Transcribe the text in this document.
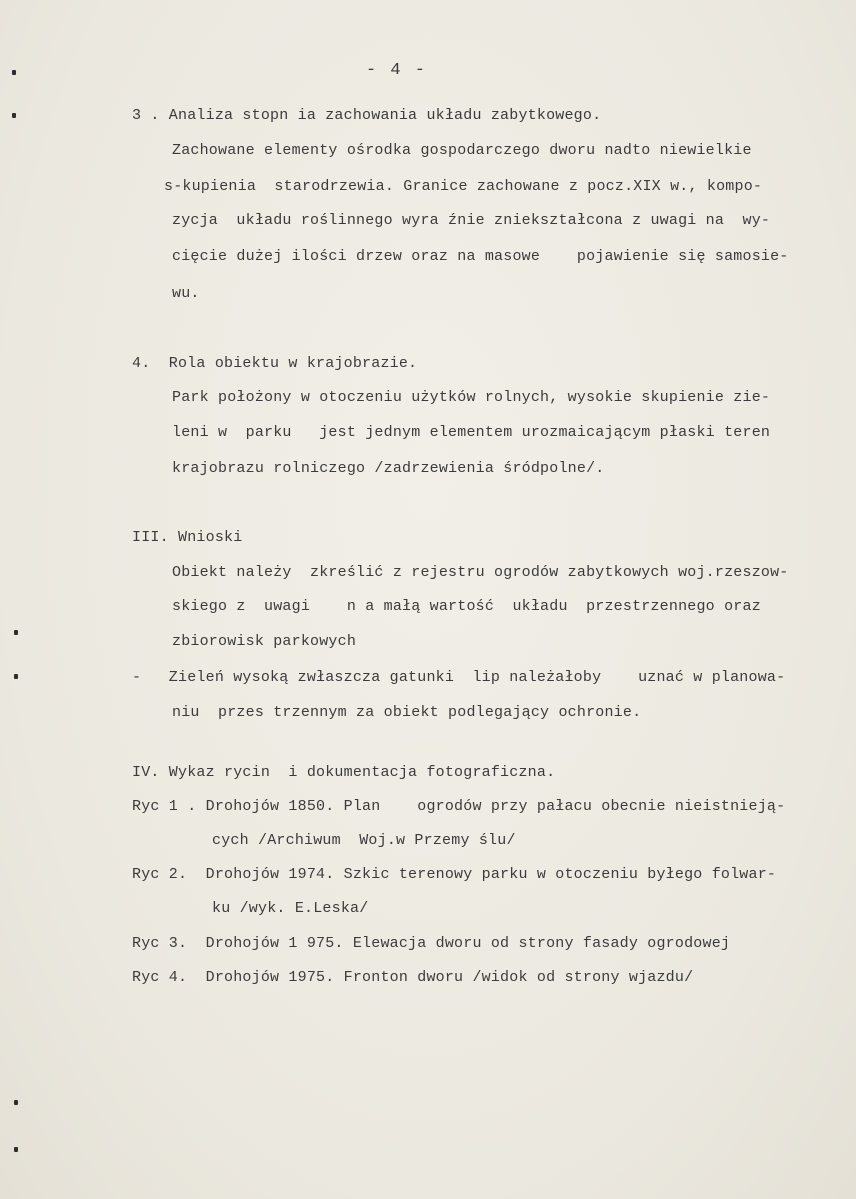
- 4 -
3 . Analiza stopn ia zachowania układu zabytkowego.
Zachowane elementy ośrodka gospodarczego dworu nadto niewielkie
s-kupienia  starodrzewia. Granice zachowane z pocz.XIX w., kompo-
zycja  układu roślinnego wyra źnie zniekształcona z uwagi na  wy-
cięcie dużej ilości drzew oraz na masowe    pojawienie się samosie-
wu.
4.  Rola obiektu w krajobrazie.
Park położony w otoczeniu użytków rolnych, wysokie skupienie zie-
leni w  parku   jest jednym elementem urozmaicającym płaski teren
krajobrazu rolniczego /zadrzewienia śródpolne/.
III. Wnioski
Obiekt należy  zkreślić z rejestru ogrodów zabytkowych woj.rzeszow-
skiego z  uwagi    n a małą wartość  układu  przestrzennego oraz
zbiorowisk parkowych
-   Zieleń wysoką zwłaszcza gatunki  lip należałoby    uznać w planowa-
niu  przes trzennym za obiekt podlegający ochronie.
IV. Wykaz rycin  i dokumentacja fotograficzna.
Ryc 1 . Drohojów 1850. Plan    ogrodów przy pałacu obecnie nieistnieją-
cych /Archiwum  Woj.w Przemy ślu/
Ryc 2.  Drohojów 1974. Szkic terenowy parku w otoczeniu byłego folwar-
ku /wyk. E.Leska/
Ryc 3.  Drohojów 1 975. Elewacja dworu od strony fasady ogrodowej
Ryc 4.  Drohojów 1975. Fronton dworu /widok od strony wjazdu/
